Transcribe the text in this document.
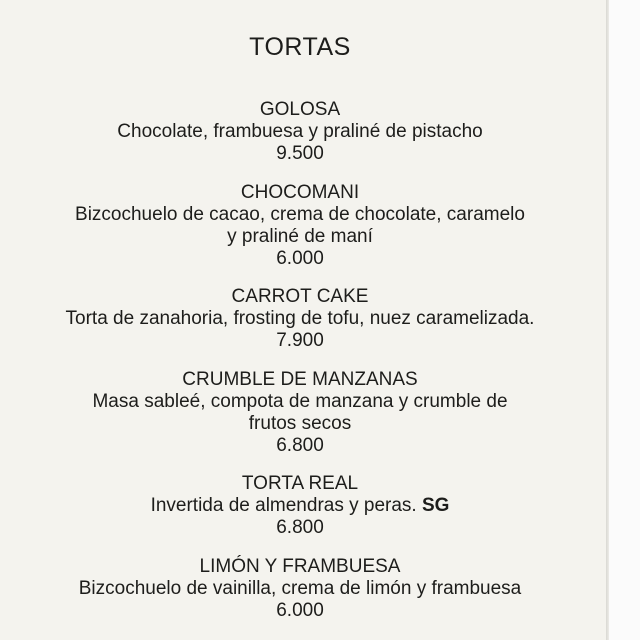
TORTAS
GOLOSA
Chocolate, frambuesa y praliné de pistacho
9.500
CHOCOMANI
Bizcochuelo de cacao, crema de chocolate, caramelo
y praliné de maní
6.000
CARROT CAKE
Torta de zanahoria, frosting de tofu, nuez caramelizada.
7.900
CRUMBLE DE MANZANAS
Masa sableé, compota de manzana y crumble de
frutos secos
6.800
TORTA REAL
Invertida de almendras y peras. SG
6.800
LIMÓN Y FRAMBUESA
Bizcochuelo de vainilla, crema de limón y frambuesa
6.000
